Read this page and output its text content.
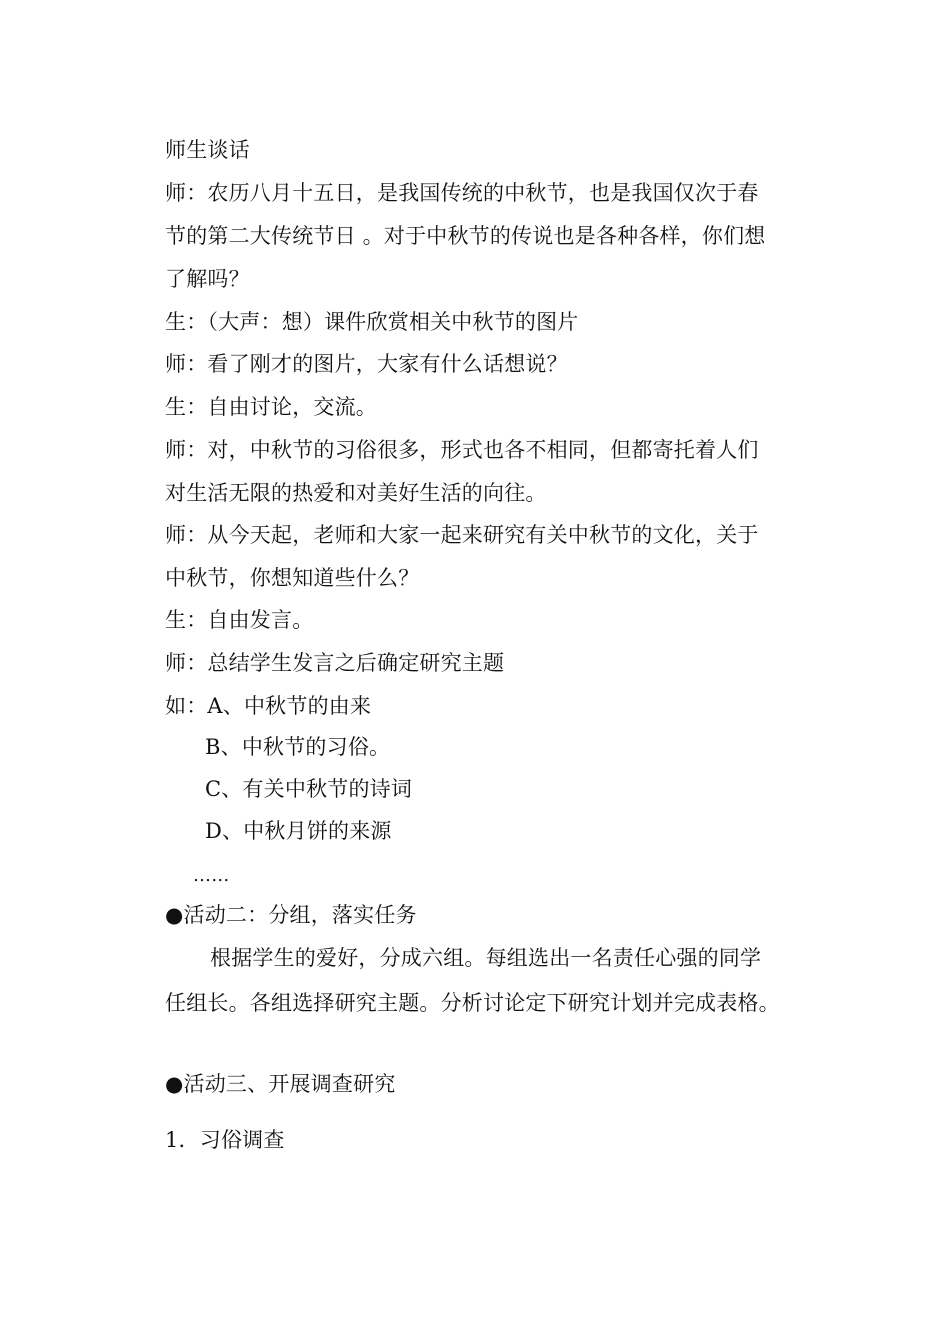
师生谈话
师：农历八月十五日，是我国传统的中秋节，也是我国仅次于春
节的第二大传统节日 。对于中秋节的传说也是各种各样，你们想
了解吗？
生：（大声：想）课件欣赏相关中秋节的图片
师：看了刚才的图片，大家有什么话想说？
生：自由讨论，交流。
师：对，中秋节的习俗很多，形式也各不相同，但都寄托着人们
对生活无限的热爱和对美好生活的向往。
师：从今天起，老师和大家一起来研究有关中秋节的文化，关于
中秋节，你想知道些什么？
生：自由发言。
师：总结学生发言之后确定研究主题
如：A、中秋节的由来
B、中秋节的习俗。
C、有关中秋节的诗词
D、中秋月饼的来源
……
●活动二：分组，落实任务
根据学生的爱好，分成六组。每组选出一名责任心强的同学
任组长。各组选择研究主题。分析讨论定下研究计划并完成表格。
●活动三、开展调查研究
1．习俗调查
